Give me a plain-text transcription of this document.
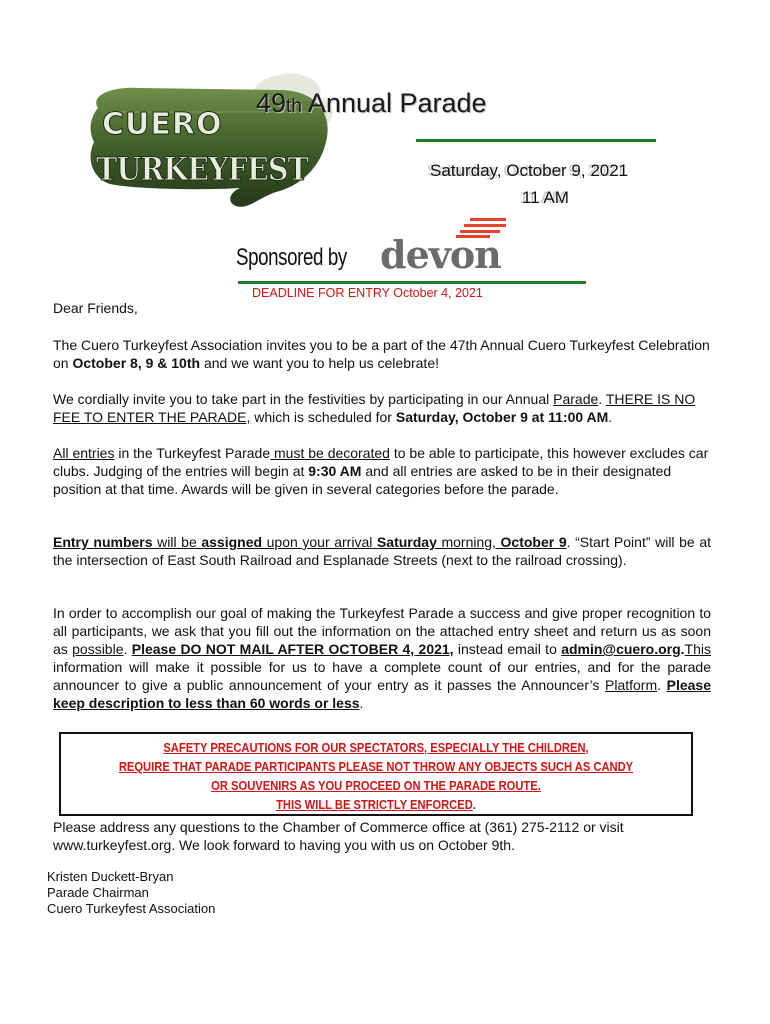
CUERO
TURKEYFEST
49th Annual Parade
Saturday, October 9, 2021
11 AM
Sponsored by devon
DEADLINE FOR ENTRY October 4, 2021
Dear Friends,

The Cuero Turkeyfest Association invites you to be a part of the 47th Annual Cuero Turkeyfest Celebration on October 8, 9 & 10th and we want you to help us celebrate!

We cordially invite you to take part in the festivities by participating in our Annual Parade. THERE IS NO FEE TO ENTER THE PARADE, which is scheduled for Saturday, October 9 at 11:00 AM.

All entries in the Turkeyfest Parade must be decorated to be able to participate, this however excludes car clubs. Judging of the entries will begin at 9:30 AM and all entries are asked to be in their designated position at that time. Awards will be given in several categories before the parade.

Entry numbers will be assigned upon your arrival Saturday morning, October 9. “Start Point” will be at the intersection of East South Railroad and Esplanade Streets (next to the railroad crossing).

In order to accomplish our goal of making the Turkeyfest Parade a success and give proper recognition to all participants, we ask that you fill out the information on the attached entry sheet and return us as soon as possible. Please DO NOT MAIL AFTER OCTOBER 4, 2021, instead email to admin@cuero.org.This information will make it possible for us to have a complete count of our entries, and for the parade announcer to give a public announcement of your entry as it passes the Announcer’s Platform. Please keep description to less than 60 words or less.

SAFETY PRECAUTIONS FOR OUR SPECTATORS, ESPECIALLY THE CHILDREN,
REQUIRE THAT PARADE PARTICIPANTS PLEASE NOT THROW ANY OBJECTS SUCH AS CANDY
OR SOUVENIRS AS YOU PROCEED ON THE PARADE ROUTE.
THIS WILL BE STRICTLY ENFORCED.

Please address any questions to the Chamber of Commerce office at (361) 275-2112 or visit www.turkeyfest.org. We look forward to having you with us on October 9th.

Kristen Duckett-Bryan
Parade Chairman
Cuero Turkeyfest Association
